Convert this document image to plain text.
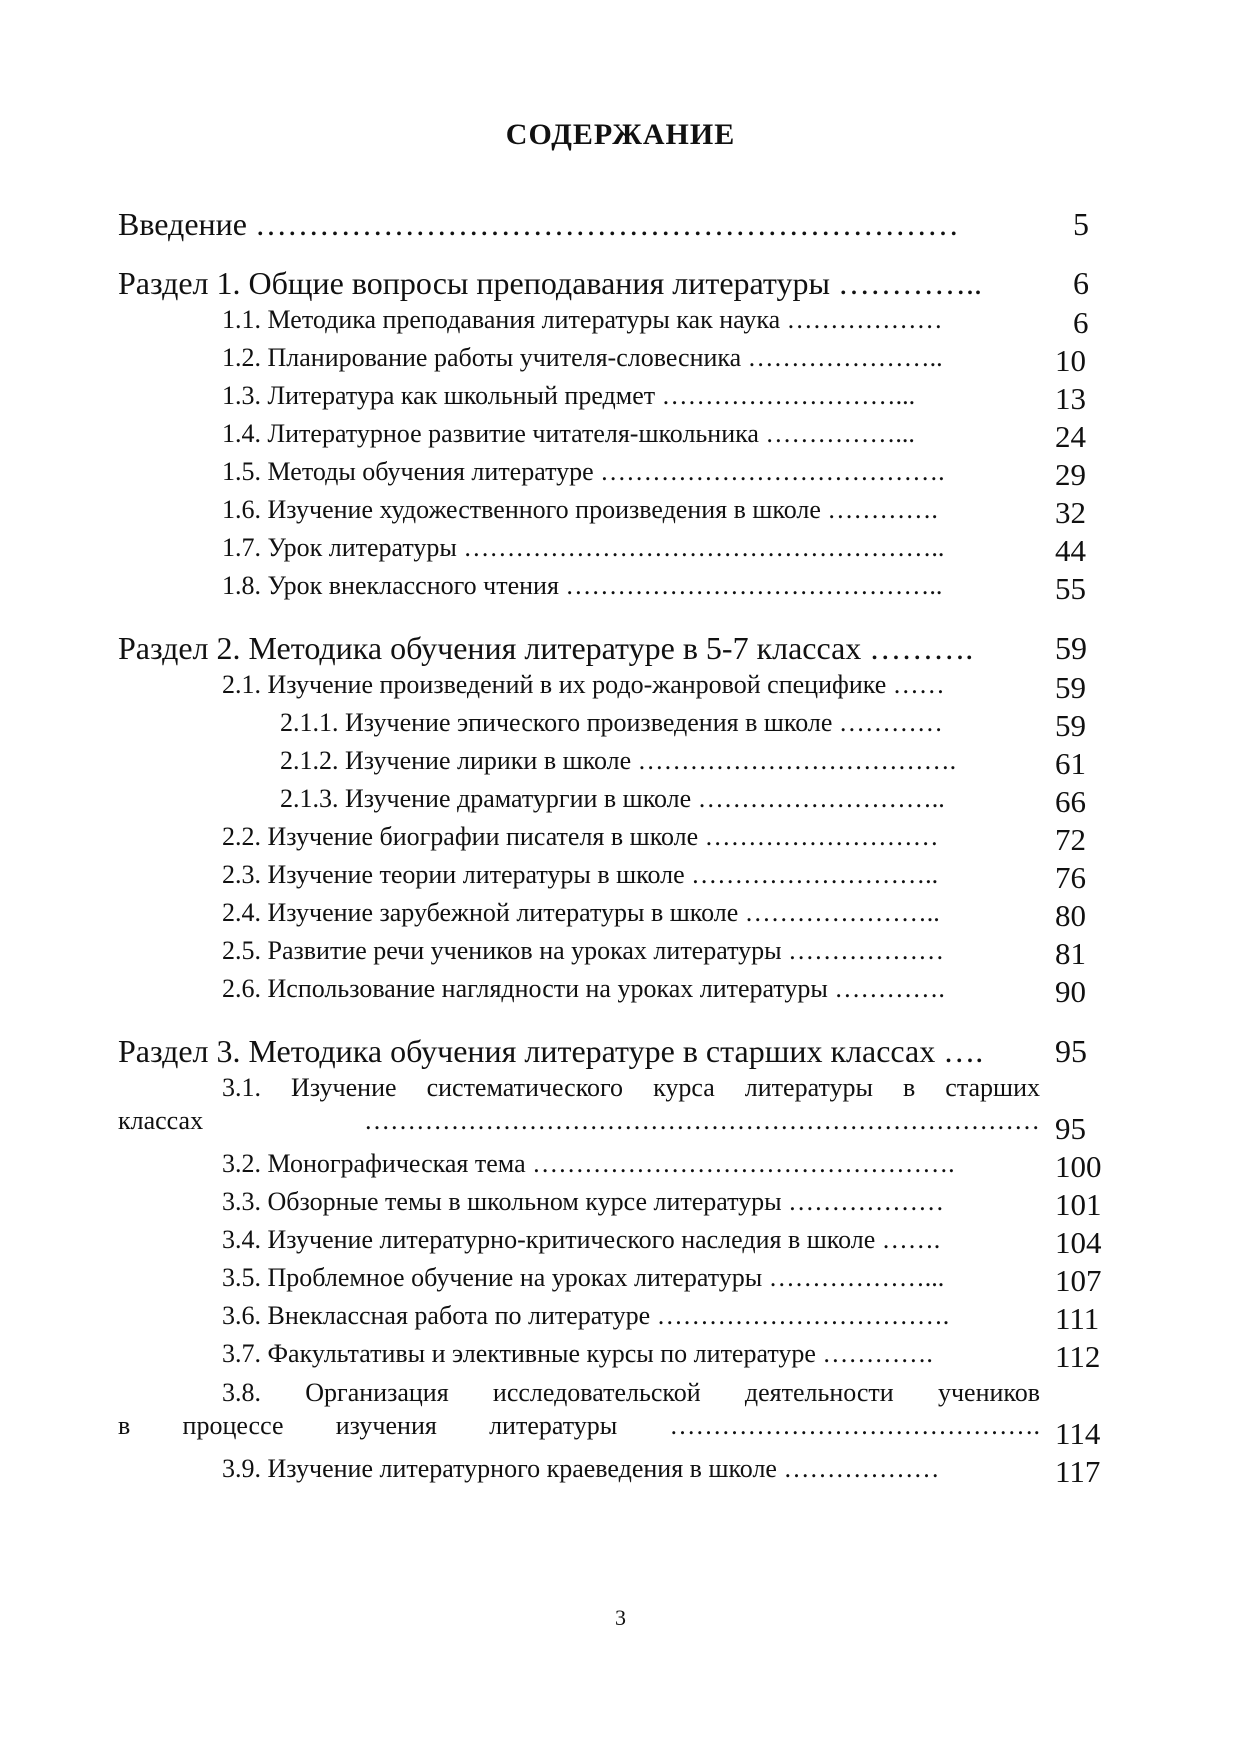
СОДЕРЖАНИЕ
Введение …………………………………………………………	5
Раздел 1. Общие вопросы преподавания литературы …………..	6
1.1. Методика преподавания литературы как наука ………………	6
1.2. Планирование работы учителя-словесника …………………..	10
1.3. Литература как школьный предмет ………………………...	13
1.4. Литературное развитие читателя-школьника ……………...	24
1.5. Методы обучения литературе ………………………………….	29
1.6. Изучение художественного произведения в школе ………….	32
1.7. Урок литературы ………………………………………………..	44
1.8. Урок внеклассного чтения ……………………………………..	55
Раздел 2. Методика обучения литературе в 5-7 классах ……….	59
2.1. Изучение произведений в их родо-жанровой специфике ……	59
2.1.1. Изучение эпического произведения в школе …………	59
2.1.2. Изучение лирики в школе ……………………………….	61
2.1.3. Изучение драматургии в школе ………………………..	66
2.2. Изучение биографии писателя в школе ………………………	72
2.3. Изучение теории литературы в школе ………………………..	76
2.4. Изучение зарубежной литературы в школе …………………..	80
2.5. Развитие речи учеников на уроках литературы ………………	81
2.6. Использование наглядности на уроках литературы ………….	90
Раздел 3. Методика обучения литературе в старших классах …. 95
3.1. Изучение систематического курса литературы в старших
классах …………………………………………………………………… 95
3.2. Монографическая тема ………………………………………….	100
3.3. Обзорные темы в школьном курсе литературы ………………	101
3.4. Изучение литературно-критического наследия в школе …….	104
3.5. Проблемное обучение на уроках литературы ………………...	107
3.6. Внеклассная работа по литературе …………………………….	111
3.7. Факультативы и элективные курсы по литературе ………….	112
3.8. Организация исследовательской деятельности учеников
в процессе изучения литературы ……………………………………. 114
3.9. Изучение литературного краеведения в школе ………………	117
3
